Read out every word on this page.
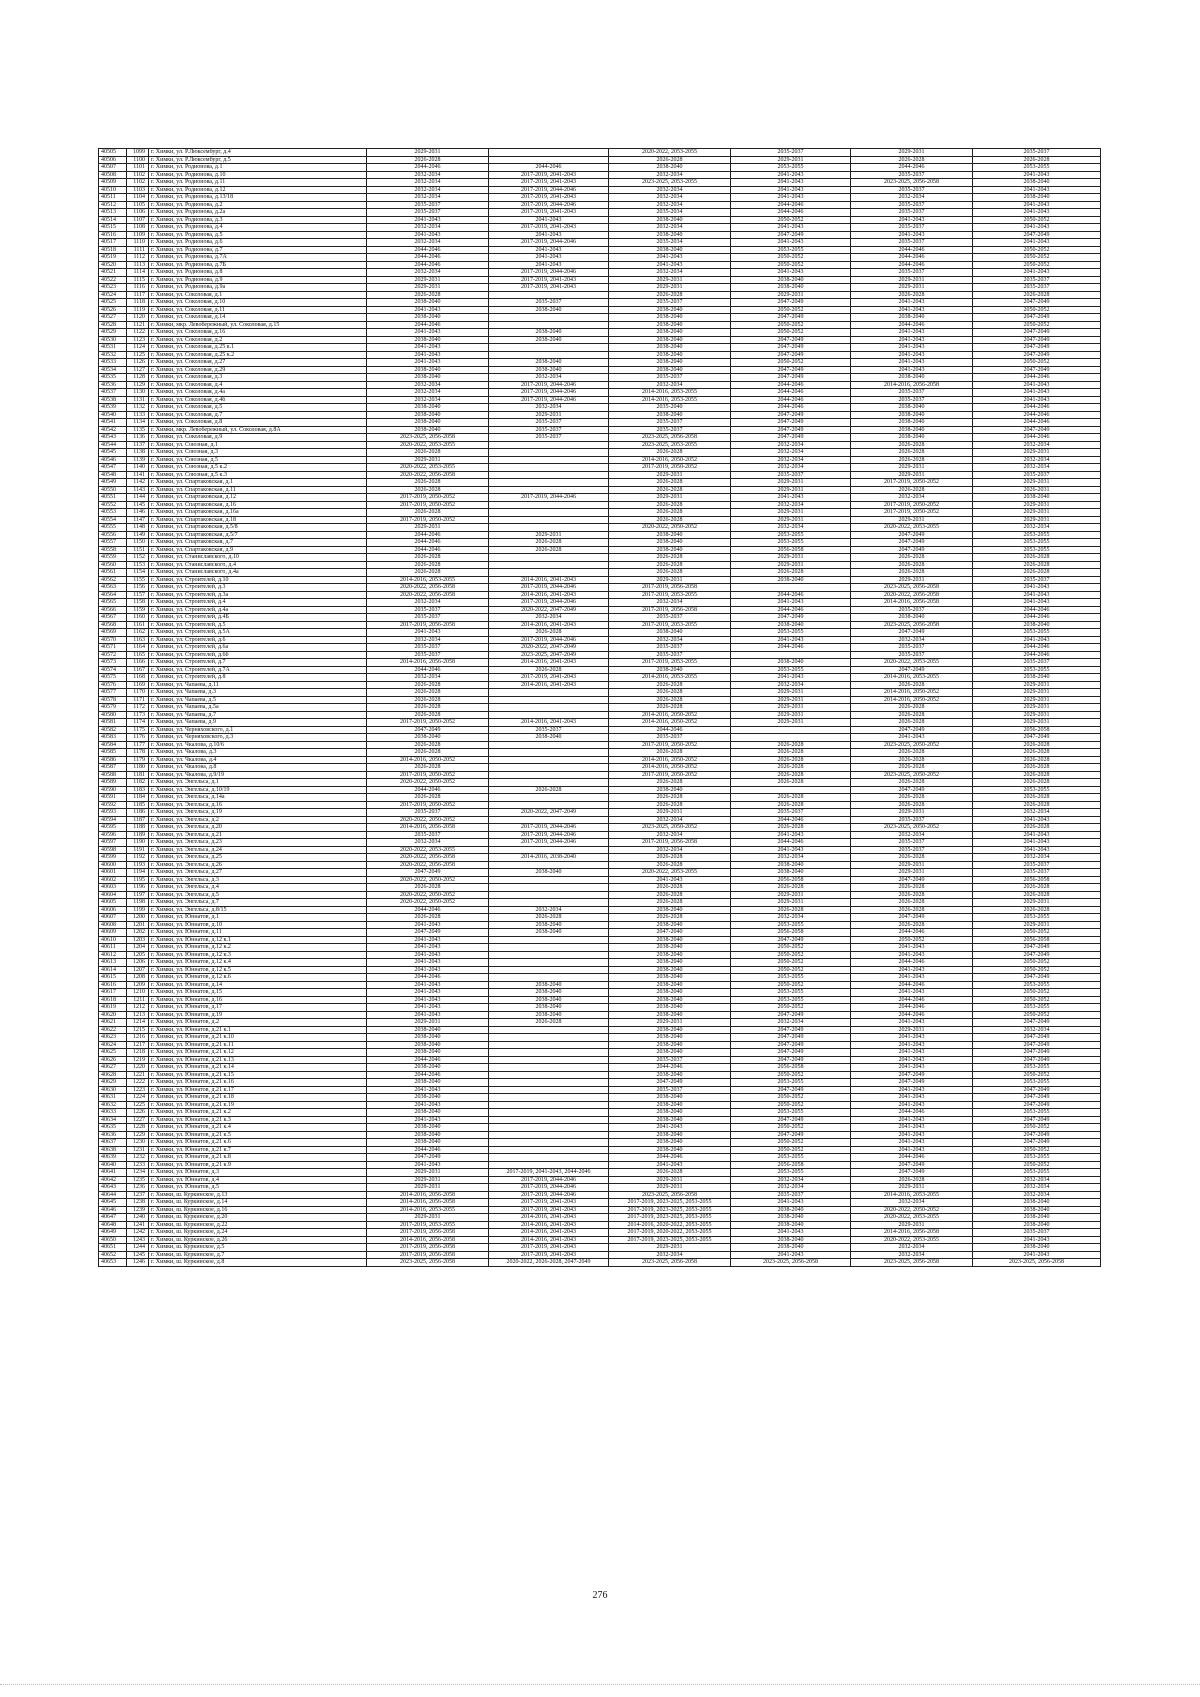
40505	1099	г. Химки, ул. Р.Люксембург, д.4	2029-2031		2020-2022, 2053-2055	2035-2037	2029-2031	2035-2037
40506	1100	г. Химки, ул. Р.Люксембург, д.5	2026-2028		2026-2028	2029-2031	2026-2028	2026-2028
40507	1101	г. Химки, ул. Родионова, д.1	2044-2046	2044-2046	2038-2040	2053-2055	2044-2046	2053-2055
40508	1102	г. Химки, ул. Родионова, д.10	2032-2034	2017-2019, 2041-2043	2032-2034	2041-2043	2035-2037	2041-2043
40509	1102	г. Химки, ул. Родионова, д.11	2032-2034	2017-2019, 2041-2043	2023-2025, 2053-2055	2041-2043	2023-2025, 2056-2058	2038-2040
40510	1103	г. Химки, ул. Родионова, д.12	2032-2034	2017-2019, 2044-2046	2032-2034	2041-2043	2035-2037	2041-2043
40511	1104	г. Химки, ул. Родионова, д.13/18	2032-2034	2017-2019, 2041-2043	2032-2034	2041-2043	2032-2034	2038-2040
40512	1105	г. Химки, ул. Родионова, д.2	2035-2037	2017-2019, 2044-2046	2032-2034	2044-2046	2035-2037	2041-2043
40513	1106	г. Химки, ул. Родионова, д.2а	2035-2037	2017-2019, 2041-2043	2035-2034	2044-2046	2035-2037	2041-2043
40514	1107	г. Химки, ул. Родионова, д.3	2041-2043	2041-2043	2038-2040	2050-2052	2041-2043	2050-2052
40515	1108	г. Химки, ул. Родионова, д.4	2032-2034	2017-2019, 2041-2043	2032-2034	2041-2043	2035-2037	2041-2043
40516	1109	г. Химки, ул. Родионова, д.5	2041-2043	2041-2043	2038-2040	2047-2049	2041-2043	2047-2049
40517	1110	г. Химки, ул. Родионова, д.6	2032-2034	2017-2019, 2044-2046	2035-2034	2041-2043	2035-2037	2041-2043
40518	1111	г. Химки, ул. Родионова, д.7	2044-2046	2041-2043	2038-2040	2053-2055	2044-2046	2050-2052
40519	1112	г. Химки, ул. Родионова, д.7А	2044-2046	2041-2043	2041-2043	2050-2052	2044-2046	2050-2052
40520	1113	г. Химки, ул. Родионова, д.7Б	2044-2046	2041-2043	2041-2043	2050-2052	2044-2046	2050-2052
40521	1114	г. Химки, ул. Родионова, д.8	2032-2034	2017-2019, 2044-2046	2032-2034	2041-2043	2035-2037	2041-2043
40522	1115	г. Химки, ул. Родионова, д.9	2029-2031	2017-2019, 2041-2043	2029-2031	2038-2040	2029-2031	2035-2037
40523	1116	г. Химки, ул. Родионова, д.9а	2029-2031	2017-2019, 2041-2043	2029-2031	2038-2040	2029-2031	2035-2037
40524	1117	г. Химки, ул. Соколовая, д.1	2026-2028		2026-2028	2029-2031	2026-2028	2026-2028
40525	1118	г. Химки, ул. Соколовая, д.10	2038-2040	2035-2037	2035-2037	2047-2049	2041-2043	2047-2049
40526	1119	г. Химки, ул. Соколовая, д.11	2041-2043	2038-2040	2038-2040	2050-2052	2041-2043	2050-2052
40527	1120	г. Химки, ул. Соколовая, д.14	2038-2040		2038-2040	2047-2049	2038-2040	2047-2049
40528	1121	г. Химки, мкр. Левобережный, ул. Соколовая, д.15	2044-2046		2038-2040	2050-2052	2044-2046	2050-2052
40529	1122	г. Химки, ул. Соколовая, д.16	2041-2043	2038-2040	2038-2040	2050-2052	2041-2043	2047-2049
40530	1123	г. Химки, ул. Соколовая, д.2	2038-2040	2038-2040	2038-2040	2047-2049	2041-2043	2047-2049
40531	1124	г. Химки, ул. Соколовая, д.25 к.1	2041-2043		2038-2040	2047-2049	2041-2043	2047-2049
40532	1125	г. Химки, ул. Соколовая, д.25 к.2	2041-2043		2038-2040	2047-2049	2041-2043	2047-2049
40533	1126	г. Химки, ул. Соколовая, д.27	2041-2043	2038-2040	2038-2040	2050-2052	2041-2043	2050-2052
40534	1127	г. Химки, ул. Соколовая, д.29	2038-2040	2038-2040	2038-2040	2047-2049	2041-2043	2047-2049
40535	1128	г. Химки, ул. Соколовая, д.3	2038-2040	2032-2034	2035-2037	2047-2049	2038-2040	2044-2046
40536	1129	г. Химки, ул. Соколовая, д.4	2032-2034	2017-2019, 2044-2046	2032-2034	2044-2046	2014-2016, 2056-2058	2041-2043
40537	1130	г. Химки, ул. Соколовая, д.4а	2032-2034	2017-2019, 2044-2046	2014-2016, 2053-2055	2044-2046	2035-2037	2041-2043
40538	1131	г. Химки, ул. Соколовая, д.4б	2032-2034	2017-2019, 2044-2046	2014-2016, 2053-2055	2044-2046	2035-2037	2041-2043
40539	1132	г. Химки, ул. Соколовая, д.5	2038-2040	2032-2034	2035-2040	2044-2046	2038-2040	2044-2046
40540	1133	г. Химки, ул. Соколовая, д.7	2038-2040	2029-2031	2038-2040	2047-2049	2038-2040	2044-2046
40541	1134	г. Химки, ул. Соколовая, д.8	2038-2040	2035-2037	2035-2037	2047-2049	2038-2040	2044-2046
40542	1135	г. Химки, мкр. Левобережный, ул. Соколовая, д.8А	2038-2040	2035-2037	2035-2037	2047-2049	2038-2040	2047-2049
40543	1136	г. Химки, ул. Соколовая, д.9	2023-2025, 2056-2058	2035-2037	2023-2025, 2056-2058	2047-2049	2038-2040	2044-2046
40544	1137	г. Химки, ул. Союзная, д.1	2020-2022, 2053-2055		2023-2025, 2053-2055	2032-2034	2026-2028	2032-2034
40545	1138	г. Химки, ул. Союзная, д.3	2026-2028		2026-2028	2032-2034	2026-2028	2029-2031
40546	1139	г. Химки, ул. Союзная, д.5	2029-2031		2014-2016, 2050-2052	2032-2034	2026-2028	2032-2034
40547	1140	г. Химки, ул. Союзная, д.5 к.2	2020-2022, 2053-2055		2017-2019, 2050-2052	2032-2034	2029-2031	2032-2034
40548	1141	г. Химки, ул. Союзная, д.5 к.3	2020-2022, 2056-2058		2029-2031	2035-2037	2029-2031	2035-2037
40549	1142	г. Химки, ул. Спартаковская, д.1	2026-2028		2026-2028	2029-2031	2017-2019, 2050-2052	2029-2031
40550	1143	г. Химки, ул. Спартаковская, д.11	2026-2028		2026-2028	2029-2031	2026-2028	2026-2031
40551	1144	г. Химки, ул. Спартаковская, д.12	2017-2019, 2050-2052	2017-2019, 2044-2046	2029-2031	2041-2043	2032-2034	2038-2040
40552	1145	г. Химки, ул. Спартаковская, д.16	2017-2019, 2050-2052		2026-2028	2032-2034	2017-2019, 2050-2052	2029-2031
40553	1146	г. Химки, ул. Спартаковская, д.16а	2026-2028		2026-2028	2029-2031	2017-2019, 2050-2052	2029-2031
40554	1147	г. Химки, ул. Спартаковская, д.18	2017-2019, 2050-2052		2026-2028	2029-2031	2029-2031	2029-2031
40555	1148	г. Химки, ул. Спартаковская, д.5/8	2029-2031		2020-2022, 2050-2052	2032-2034	2020-2022, 2053-2055	2032-2034
40556	1149	г. Химки, ул. Спартаковская, д.5/7	2044-2046	2029-2031	2038-2040	2053-2055	2047-2049	2053-2055
40557	1150	г. Химки, ул. Спартаковская, д.7	2044-2046	2026-2028	2038-2040	2053-2055	2047-2049	2053-2055
40558	1151	г. Химки, ул. Спартаковская, д.9	2044-2046	2026-2028	2038-2040	2056-2058	2047-2049	2053-2055
40559	1152	г. Химки, ул. Станиславского, д.10	2026-2028		2026-2028	2029-2031	2026-2028	2026-2028
40560	1153	г. Химки, ул. Станиславского, д.4	2026-2028		2026-2028	2029-2031	2026-2028	2026-2028
40561	1154	г. Химки, ул. Станиславского, д.4а	2026-2028		2026-2028	2026-2028	2026-2028	2026-2028
40562	1155	г. Химки, ул. Строителей, д.10	2014-2016, 2053-2055	2014-2016, 2041-2043	2029-2031	2038-2040	2029-2031	2035-2037
40563	1156	г. Химки, ул. Строителей, д.3	2020-2022, 2056-2058	2017-2019, 2044-2046	2017-2019, 2056-2058		2023-2025, 2056-2058	2041-2043
40564	1157	г. Химки, ул. Строителей, д.3а	2020-2022, 2056-2058	2014-2016, 2041-2043	2017-2019, 2053-2055	2044-2046	2020-2022, 2056-2058	2041-2043
40565	1158	г. Химки, ул. Строителей, д.4	2032-2034	2017-2019, 2044-2046	2032-2034	2041-2043	2014-2016, 2056-2058	2041-2043
40566	1159	г. Химки, ул. Строителей, д.4а	2035-2037	2020-2022, 2047-2049	2017-2019, 2056-2058	2044-2046	2035-2037	2044-2046
40567	1160	г. Химки, ул. Строителей, д.4Б	2035-2037	2032-2034	2035-2037	2047-2049	2038-2040	2044-2046
40568	1161	г. Химки, ул. Строителей, д.5	2017-2019, 2056-2058	2014-2016, 2041-2043	2017-2019, 2053-2055	2038-2040	2023-2025, 2056-2058	2038-2040
40569	1162	г. Химки, ул. Строителей, д.5А	2041-2043	2026-2028	2038-2040	2053-2055	2047-2049	2053-2055
40570	1163	г. Химки, ул. Строителей, д.6	2032-2034	2017-2019, 2044-2046	2032-2034	2041-2043	2032-2034	2041-2043
40571	1164	г. Химки, ул. Строителей, д.6а	2035-2037	2020-2022, 2047-2049	2035-2037	2044-2046	2035-2037	2044-2046
40572	1165	г. Химки, ул. Строителей, д.6б	2035-2037	2023-2025, 2047-2049	2035-2037		2035-2037	2044-2046
40573	1166	г. Химки, ул. Строителей, д.7	2014-2016, 2056-2058	2014-2016, 2041-2043	2017-2019, 2053-2055	2038-2040	2020-2022, 2053-2055	2035-2037
40574	1167	г. Химки, ул. Строителей, д.7А	2044-2046	2026-2028	2038-2040	2053-2055	2047-2049	2053-2055
40575	1168	г. Химки, ул. Строителей, д.8	2032-2034	2017-2019, 2041-2043	2014-2016, 2053-2055	2041-2043	2014-2016, 2053-2055	2038-2040
40576	1169	г. Химки, ул. Чапаева, д.11	2026-2028	2014-2016, 2041-2043	2026-2028	2032-2034	2026-2028	2029-2031
40577	1170	г. Химки, ул. Чапаева, д.3	2026-2028		2026-2028	2029-2031	2014-2016, 2050-2052	2029-2031
40578	1171	г. Химки, ул. Чапаева, д.5	2026-2028		2026-2028	2029-2031	2014-2016, 2050-2052	2029-2031
40579	1172	г. Химки, ул. Чапаева, д.5а	2026-2028		2026-2028	2029-2031	2026-2028	2029-2031
40580	1173	г. Химки, ул. Чапаева, д.7	2026-2028		2014-2016, 2050-2052	2029-2031	2026-2028	2029-2031
40581	1174	г. Химки, ул. Чапаева, д.9	2017-2019, 2050-2052	2014-2016, 2041-2043	2014-2016, 2050-2052	2029-2031	2026-2028	2029-2031
40582	1175	г. Химки, ул. Черняховского, д.1	2047-2049	2035-2037	2044-2046		2047-2049	2056-2058
40583	1176	г. Химки, ул. Черняховского, д.3	2038-2040	2038-2040	2035-2037		2041-2043	2047-2049
40584	1177	г. Химки, ул. Чкалова, д.10/6	2026-2028		2017-2019, 2050-2052	2026-2028	2023-2025, 2050-2052	2026-2028
40585	1178	г. Химки, ул. Чкалова, д.3	2026-2028		2026-2028	2026-2028	2026-2028	2026-2028
40586	1179	г. Химки, ул. Чкалова, д.4	2014-2016, 2050-2052		2014-2016, 2050-2052	2026-2028	2026-2028	2026-2028
40587	1180	г. Химки, ул. Чкалова, д.8	2026-2028		2014-2016, 2050-2052	2026-2028	2026-2028	2026-2028
40588	1181	г. Химки, ул. Чкалова, д.9/19	2017-2019, 2050-2052		2017-2019, 2050-2052	2026-2028	2023-2025, 2050-2052	2026-2028
40589	1182	г. Химки, ул. Энгельса, д.1	2020-2022, 2050-2052		2026-2028	2026-2028	2026-2028	2026-2028
40590	1183	г. Химки, ул. Энгельса, д.10/19	2044-2046	2026-2028	2038-2040		2047-2049	2053-2055
40591	1184	г. Химки, ул. Энгельса, д.14а	2026-2028		2026-2028	2026-2028	2026-2028	2026-2028
40592	1185	г. Химки, ул. Энгельса, д.16	2017-2019, 2050-2052		2026-2028	2026-2028	2026-2028	2026-2028
40593	1186	г. Химки, ул. Энгельса, д.19	2035-2037	2020-2022, 2047-2049	2029-2031	2035-2037	2029-2031	2032-2034
40594	1187	г. Химки, ул. Энгельса, д.2	2020-2022, 2050-2052		2032-2034	2044-2046	2035-2037	2041-2043
40595	1188	г. Химки, ул. Энгельса, д.20	2014-2016, 2056-2058	2017-2019, 2044-2046	2023-2025, 2050-2052	2026-2028	2023-2025, 2050-2052	2026-2028
40596	1189	г. Химки, ул. Энгельса, д.21	2035-2037	2017-2019, 2044-2046	2032-2034	2041-2043	2032-2034	2041-2043
40597	1190	г. Химки, ул. Энгельса, д.23	2032-2034	2017-2019, 2044-2046	2017-2019, 2056-2058	2044-2046	2035-2037	2041-2043
40598	1191	г. Химки, ул. Энгельса, д.24	2020-2022, 2053-2055		2032-2034	2041-2043	2035-2037	2041-2043
40599	1192	г. Химки, ул. Энгельса, д.25	2020-2022, 2056-2058	2014-2016, 2038-2040	2026-2028	2032-2034	2026-2028	2032-2034
40600	1193	г. Химки, ул. Энгельса, д.26	2020-2022, 2056-2058		2026-2028	2038-2040	2029-2031	2035-2037
40601	1194	г. Химки, ул. Энгельса, д.27	2047-2049	2038-2040	2020-2022, 2053-2055	2038-2040	2029-2031	2035-2037
40602	1195	г. Химки, ул. Энгельса, д.3	2020-2022, 2050-2052		2041-2043	2056-2058	2047-2049	2056-2058
40603	1196	г. Химки, ул. Энгельса, д.4	2026-2028		2026-2028	2026-2028	2026-2028	2026-2028
40604	1197	г. Химки, ул. Энгельса, д.5	2020-2022, 2050-2052		2026-2028	2029-2031	2026-2028	2026-2028
40605	1198	г. Химки, ул. Энгельса, д.7	2020-2022, 2050-2052		2026-2028	2029-2031	2026-2028	2029-2031
40606	1199	г. Химки, ул. Энгельса, д.8/15	2044-2046	2032-2034	2038-2040	2026-2028	2026-2028	2026-2028
40607	1200	г. Химки, ул. Юннатов, д.1	2026-2028	2026-2028	2026-2028	2032-2034	2047-2049	2053-2055
40608	1201	г. Химки, ул. Юннатов, д.10	2041-2043	2038-2040	2038-2040	2053-2055	2026-2028	2029-2031
40609	1202	г. Химки, ул. Юннатов, д.11	2047-2049	2038-2040	2047-2040	2056-2058	2044-2046	2050-2052
40610	1203	г. Химки, ул. Юннатов, д.12 к.1	2041-2043		2038-2040	2047-2049	2050-2052	2056-2058
40611	1204	г. Химки, ул. Юннатов, д.12 к.2	2041-2043		2038-2040	2050-2052	2041-2043	2047-2049
40612	1205	г. Химки, ул. Юннатов, д.12 к.3	2041-2043		2038-2040	2050-2052	2041-2043	2047-2049
40613	1206	г. Химки, ул. Юннатов, д.12 к.4	2041-2043		2038-2040	2050-2052	2044-2046	2050-2052
40614	1207	г. Химки, ул. Юннатов, д.12 к.5	2041-2043		2038-2040	2050-2052	2041-2043	2050-2052
40615	1208	г. Химки, ул. Юннатов, д.12 к.6	2044-2046		2038-2040	2053-2055	2041-2043	2047-2049
40616	1209	г. Химки, ул. Юннатов, д.14	2041-2043	2038-2040	2038-2040	2050-2052	2044-2046	2053-2055
40617	1210	г. Химки, ул. Юннатов, д.15	2041-2043	2038-2040	2038-2040	2053-2055	2041-2043	2050-2052
40618	1211	г. Химки, ул. Юннатов, д.16	2041-2043	2038-2040	2038-2040	2053-2055	2044-2046	2050-2052
40619	1212	г. Химки, ул. Юннатов, д.17	2041-2043	2038-2040	2038-2040	2050-2052	2044-2046	2053-2055
40620	1213	г. Химки, ул. Юннатов, д.19	2041-2043	2038-2040	2038-2040	2047-2049	2044-2046	2050-2052
40621	1214	г. Химки, ул. Юннатов, д.2	2029-2031	2026-2028	2029-2031	2032-2034	2041-2043	2047-2049
40622	1215	г. Химки, ул. Юннатов, д.21 к.1	2038-2040		2038-2040	2047-2049	2029-2031	2032-2034
40623	1216	г. Химки, ул. Юннатов, д.21 к.10	2038-2040		2038-2040	2047-2049	2041-2043	2047-2049
40624	1217	г. Химки, ул. Юннатов, д.21 к.11	2038-2040		2038-2040	2047-2049	2041-2043	2047-2049
40625	1218	г. Химки, ул. Юннатов, д.21 к.12	2038-2040		2038-2040	2047-2049	2041-2043	2047-2049
40626	1219	г. Химки, ул. Юннатов, д.21 к.13	2044-2046		2035-2037	2047-2049	2041-2043	2047-2049
40627	1220	г. Химки, ул. Юннатов, д.21 к.14	2038-2040		2044-2046	2056-2058	2041-2043	2053-2055
40628	1221	г. Химки, ул. Юннатов, д.21 к.15	2044-2046		2038-2040	2050-2052	2047-2049	2050-2052
40629	1222	г. Химки, ул. Юннатов, д.21 к.16	2038-2040		2047-2049	2053-2055	2047-2049	2053-2055
40630	1223	г. Химки, ул. Юннатов, д.21 к.17	2041-2043		2035-2037	2047-2049	2041-2043	2047-2049
40631	1224	г. Химки, ул. Юннатов, д.21 к.18	2038-2040		2038-2040	2050-2052	2041-2043	2047-2049
40632	1225	г. Химки, ул. Юннатов, д.21 к.19	2041-2043		2038-2040	2050-2052	2041-2043	2047-2049
40633	1226	г. Химки, ул. Юннатов, д.21 к.2	2038-2040		2038-2040	2053-2055	2044-2046	2053-2055
40634	1227	г. Химки, ул. Юннатов, д.21 к.3	2041-2043		2038-2040	2047-2049	2041-2043	2047-2049
40635	1228	г. Химки, ул. Юннатов, д.21 к.4	2038-2040		2041-2043	2050-2052	2041-2043	2050-2052
40636	1229	г. Химки, ул. Юннатов, д.21 к.5	2038-2040		2038-2040	2047-2049	2041-2043	2047-2049
40637	1230	г. Химки, ул. Юннатов, д.21 к.6	2038-2040		2038-2040	2050-2052	2041-2043	2047-2049
40638	1231	г. Химки, ул. Юннатов, д.21 к.7	2044-2046		2038-2040	2050-2052	2041-2043	2050-2052
40639	1232	г. Химки, ул. Юннатов, д.21 к.8	2047-2049		2044-2046	2053-2055	2044-2046	2053-2055
40640	1233	г. Химки, ул. Юннатов, д.21 к.9	2041-2043		2041-2043	2056-2058	2047-2049	2050-2052
40641	1234	г. Химки, ул. Юннатов, д.3	2029-2031	2017-2019, 2041-2043, 2044-2046	2026-2028	2053-2055	2047-2049	2053-2055
40642	1235	г. Химки, ул. Юннатов, д.4	2029-2031	2017-2019, 2044-2046	2029-2031	2032-2034	2026-2028	2032-2034
40643	1236	г. Химки, ул. Юннатов, д.5	2029-2031	2017-2019, 2044-2046	2029-2031	2032-2034	2029-2031	2032-2034
40644	1237	г. Химки, ш. Куркинское, д.13	2014-2016, 2056-2058	2017-2019, 2044-2046	2023-2025, 2056-2058	2035-2037	2014-2016, 2053-2055	2032-2034
40645	1238	г. Химки, ш. Куркинское, д.14	2014-2016, 2056-2058	2017-2019, 2041-2043	2017-2019, 2023-2025, 2053-2055	2041-2043	2032-2034	2038-2040
40646	1239	г. Химки, ш. Куркинское, д.16	2014-2016, 2053-2055	2017-2019, 2041-2043	2017-2019, 2023-2025, 2053-2055	2038-2040	2020-2022, 2050-2052	2038-2040
40647	1240	г. Химки, ш. Куркинское, д.20	2029-2031	2014-2016, 2041-2043	2017-2019, 2023-2025, 2053-2055	2038-2040	2020-2022, 2053-2055	2038-2040
40648	1241	г. Химки, ш. Куркинское, д.22	2017-2019, 2053-2055	2014-2016, 2041-2043	2014-2016, 2020-2022, 2053-2055	2038-2040	2029-2031	2038-2040
40649	1242	г. Химки, ш. Куркинское, д.24	2017-2019, 2056-2058	2014-2016, 2041-2043	2017-2019, 2020-2022, 2053-2055	2041-2043	2014-2016, 2056-2058	2035-2037
40650	1243	г. Химки, ш. Куркинское, д.26	2014-2016, 2056-2058	2014-2016, 2041-2043	2017-2019, 2023-2025, 2053-2055	2038-2040	2020-2022, 2053-2055	2041-2043
40651	1244	г. Химки, ш. Куркинское, д.5	2017-2019, 2056-2058	2017-2019, 2041-2043	2029-2031	2038-2040	2032-2034	2038-2040
40652	1245	г. Химки, ш. Куркинское, д.7	2017-2019, 2056-2058	2017-2019, 2041-2043	2032-2034	2041-2043	2032-2034	2041-2043
40653	1246	г. Химки, ш. Куркинское, д.8	2023-2025, 2056-2058	2020-2022, 2026-2028, 2047-2049	2023-2025, 2056-2058	2023-2025, 2056-2058	2023-2025, 2056-2058	2023-2025, 2056-2058
276
